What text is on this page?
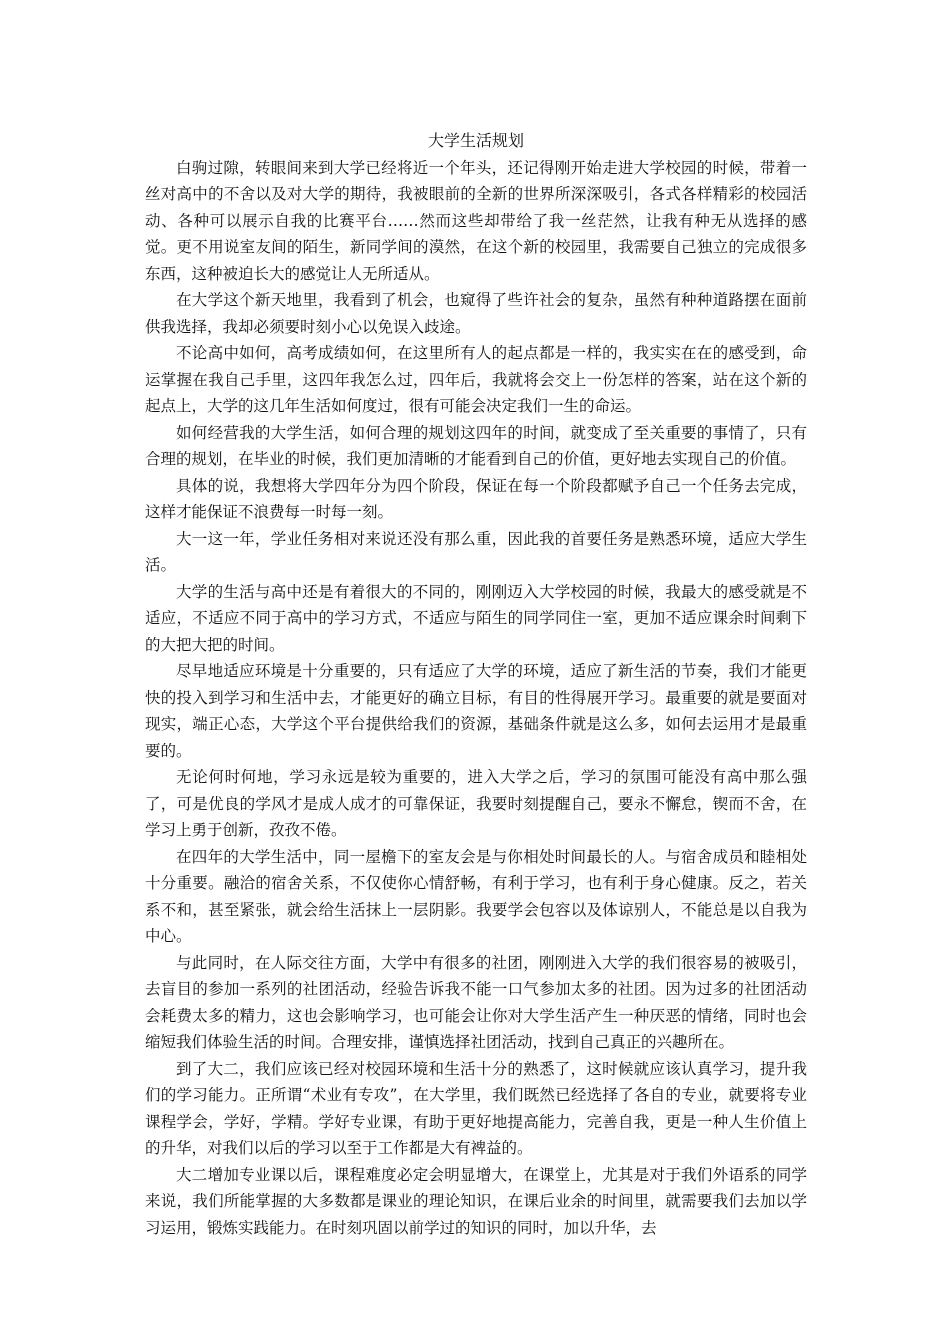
大学生活规划

白驹过隙，转眼间来到大学已经将近一个年头，还记得刚开始走进大学校园的时候，带着一丝对高中的不舍以及对大学的期待，我被眼前的全新的世界所深深吸引，各式各样精彩的校园活动、各种可以展示自我的比赛平台……然而这些却带给了我一丝茫然，让我有种无从选择的感觉。更不用说室友间的陌生，新同学间的漠然，在这个新的校园里，我需要自己独立的完成很多东西，这种被迫长大的感觉让人无所适从。

在大学这个新天地里，我看到了机会，也窥得了些许社会的复杂，虽然有种种道路摆在面前供我选择，我却必须要时刻小心以免误入歧途。

不论高中如何，高考成绩如何，在这里所有人的起点都是一样的，我实实在在的感受到，命运掌握在我自己手里，这四年我怎么过，四年后，我就将会交上一份怎样的答案，站在这个新的起点上，大学的这几年生活如何度过，很有可能会决定我们一生的命运。

如何经营我的大学生活，如何合理的规划这四年的时间，就变成了至关重要的事情了，只有合理的规划，在毕业的时候，我们更加清晰的才能看到自己的价值，更好地去实现自己的价值。

具体的说，我想将大学四年分为四个阶段，保证在每一个阶段都赋予自己一个任务去完成，这样才能保证不浪费每一时每一刻。

大一这一年，学业任务相对来说还没有那么重，因此我的首要任务是熟悉环境，适应大学生活。

大学的生活与高中还是有着很大的不同的，刚刚迈入大学校园的时候，我最大的感受就是不适应，不适应不同于高中的学习方式，不适应与陌生的同学同住一室，更加不适应课余时间剩下的大把大把的时间。

尽早地适应环境是十分重要的，只有适应了大学的环境，适应了新生活的节奏，我们才能更快的投入到学习和生活中去，才能更好的确立目标，有目的性得展开学习。最重要的就是要面对现实，端正心态，大学这个平台提供给我们的资源，基础条件就是这么多，如何去运用才是最重要的。

无论何时何地，学习永远是较为重要的，进入大学之后，学习的氛围可能没有高中那么强了，可是优良的学风才是成人成才的可靠保证，我要时刻提醒自己，要永不懈怠，锲而不舍，在学习上勇于创新，孜孜不倦。

在四年的大学生活中，同一屋檐下的室友会是与你相处时间最长的人。与宿舍成员和睦相处十分重要。融洽的宿舍关系，不仅使你心情舒畅，有利于学习，也有利于身心健康。反之，若关系不和，甚至紧张，就会给生活抹上一层阴影。我要学会包容以及体谅别人，不能总是以自我为中心。

与此同时，在人际交往方面，大学中有很多的社团，刚刚进入大学的我们很容易的被吸引，去盲目的参加一系列的社团活动，经验告诉我不能一口气参加太多的社团。因为过多的社团活动会耗费太多的精力，这也会影响学习，也可能会让你对大学生活产生一种厌恶的情绪，同时也会缩短我们体验生活的时间。合理安排，谨慎选择社团活动，找到自己真正的兴趣所在。

到了大二，我们应该已经对校园环境和生活十分的熟悉了，这时候就应该认真学习，提升我们的学习能力。正所谓“术业有专攻”，在大学里，我们既然已经选择了各自的专业，就要将专业课程学会，学好，学精。学好专业课，有助于更好地提高能力，完善自我，更是一种人生价值上的升华，对我们以后的学习以至于工作都是大有裨益的。

大二增加专业课以后，课程难度必定会明显增大，在课堂上，尤其是对于我们外语系的同学来说，我们所能掌握的大多数都是课业的理论知识，在课后业余的时间里，就需要我们去加以学习运用，锻炼实践能力。在时刻巩固以前学过的知识的同时，加以升华，去
